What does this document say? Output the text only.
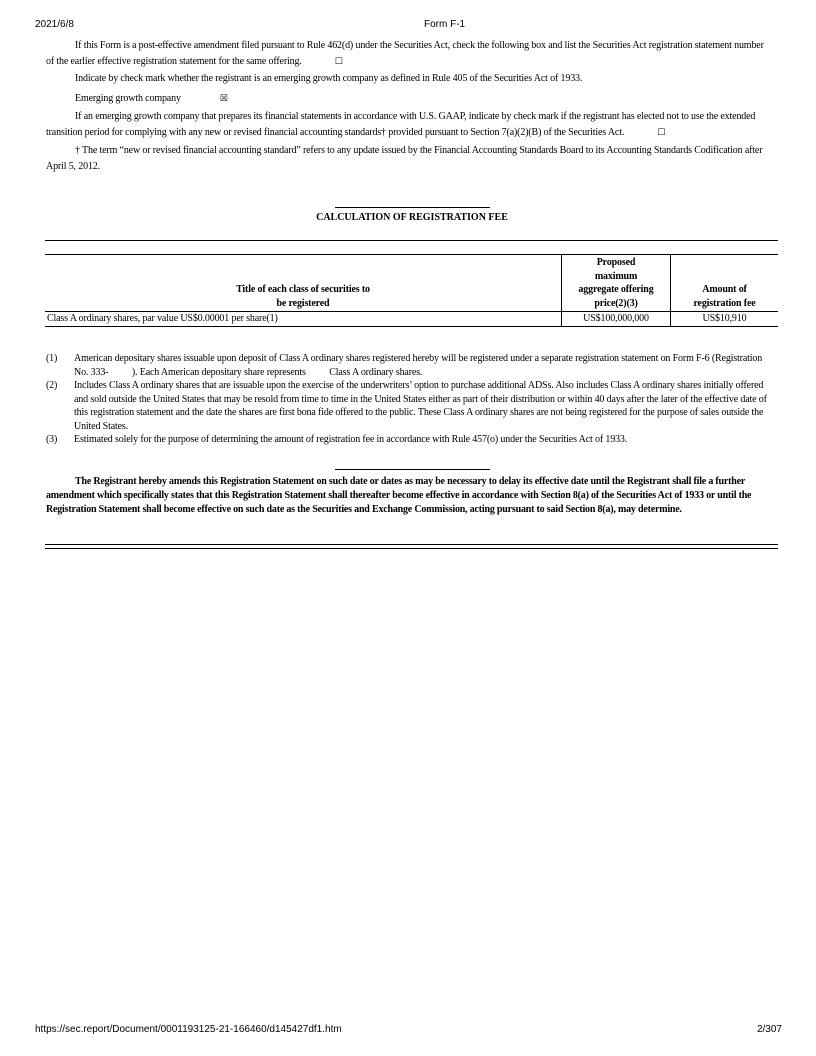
2021/6/8	Form F-1

If this Form is a post-effective amendment filed pursuant to Rule 462(d) under the Securities Act, check the following box and list the Securities Act registration statement number of the earlier effective registration statement for the same offering.	☐

Indicate by check mark whether the registrant is an emerging growth company as defined in Rule 405 of the Securities Act of 1933.

Emerging growth company	☒

If an emerging growth company that prepares its financial statements in accordance with U.S. GAAP, indicate by check mark if the registrant has elected not to use the extended transition period for complying with any new or revised financial accounting standards† provided pursuant to Section 7(a)(2)(B) of the Securities Act.	☐

† The term “new or revised financial accounting standard” refers to any update issued by the Financial Accounting Standards Board to its Accounting Standards Codification after April 5, 2012.

CALCULATION OF REGISTRATION FEE
Title of each class of securities to be registered	Proposed maximum aggregate offering price(2)(3)	Amount of registration fee

Class A ordinary shares, par value US$0.00001 per share(1)	US$100,000,000	US$10,910
(1)	American depositary shares issuable upon deposit of Class A ordinary shares registered hereby will be registered under a separate registration statement on Form F-6 (Registration No. 333-          ). Each American depositary share represents          Class A ordinary shares.
(2)	Includes Class A ordinary shares that are issuable upon the exercise of the underwriters’ option to purchase additional ADSs. Also includes Class A ordinary shares initially offered and sold outside the United States that may be resold from time to time in the United States either as part of their distribution or within 40 days after the later of the effective date of this registration statement and the date the shares are first bona fide offered to the public. These Class A ordinary shares are not being registered for the purpose of sales outside the United States.
(3)	Estimated solely for the purpose of determining the amount of registration fee in accordance with Rule 457(o) under the Securities Act of 1933.
The Registrant hereby amends this Registration Statement on such date or dates as may be necessary to delay its effective date until the Registrant shall file a further amendment which specifically states that this Registration Statement shall thereafter become effective in accordance with Section 8(a) of the Securities Act of 1933 or until the Registration Statement shall become effective on such date as the Securities and Exchange Commission, acting pursuant to said Section 8(a), may determine.
https://sec.report/Document/0001193125-21-166460/d145427df1.htm	2/307
